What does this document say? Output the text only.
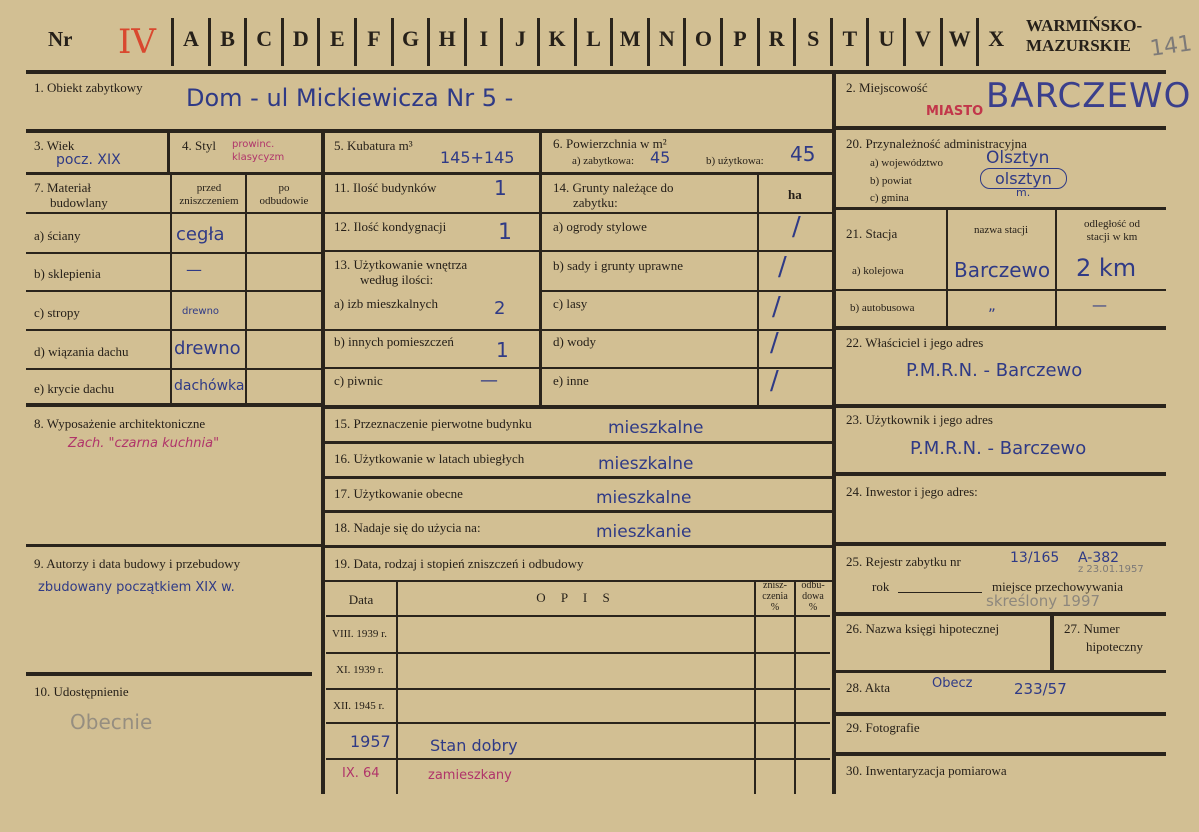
Nr IV	A B C D E	F G H	I	J	K L M N O P R	S	T U V W X
WARMIŃSKO-
MAZURSKIE 141
1. Obiekt zabytkowy Dom - ul Mickiewicza Nr 5 -	2. Miejscowość
MIASTO BARCZEWO
3. Wiek
pocz. XIX
4. Styl prowinc. klasycyzm
5. Kubatura m³
145+145
6. Powierzchnia w m²
a) zabytkowa: 45	b) użytkowa: 45
7. Materiał
budowlany
przed
zniszczeniem
po
odbudowie
a) ściany	cegła
b) sklepienia	—
c) stropy	drewno
d) wiązania dachu	drewno
e) krycie dachu	dachówka
11. Ilość budynków	1
12. Ilość kondygnacji 1
13. Użytkowanie wnętrza
według ilości:
a) izb mieszkalnych	2
b) innych pomieszczeń 1
c) piwnic	—
14. Grunty należące do
zabytku:
ha
a) ogrody stylowe	/
b) sady i grunty uprawne	/
c) lasy	/
d) wody	/
e) inne	/
15. Przeznaczenie pierwotne budynku	mieszkalne
16. Użytkowanie w latach ubiegłych	mieszkalne
17. Użytkowanie obecne	mieszkalne
18. Nadaje się do użycia na:	mieszkanie
19. Data, rodzaj i stopień zniszczeń i odbudowy
Data	O P I S
znisz-
czenia
%
odbu-
dowa
%
VIII. 1939 r.
XI. 1939 r.
XII. 1945 r.
1957 Stan dobry
IX. 64	zamieszkany
8. Wyposażenie architektoniczne
Zach. "czarna kuchnia"
9. Autorzy i data budowy i przebudowy
zbudowany początkiem XIX w.
10. Udostępnienie
Obecnie
20. Przynależność administracyjna
a) województwo	Olsztyn
b) powiat	olsztyn
c) gmina	m.
21. Stacja	nazwa stacji	odległość od
stacji w km
a) kolejowa	Barczewo 2 km
b) autobusowa	„	—
22. Właściciel i jego adres
P.M.R.N. - Barczewo
23. Użytkownik i jego adres
P.M.R.N. - Barczewo
24. Inwestor i jego adres:
25. Rejestr zabytku nr	13/165 A-382
z 23.01.1957
rok	miejsce przechowywania
skreślony 1997
26. Nazwa księgi hipotecznej	27. Numer
hipoteczny
28. Akta	Obecz	233/57
29. Fotografie
30. Inwentaryzacja pomiarowa
